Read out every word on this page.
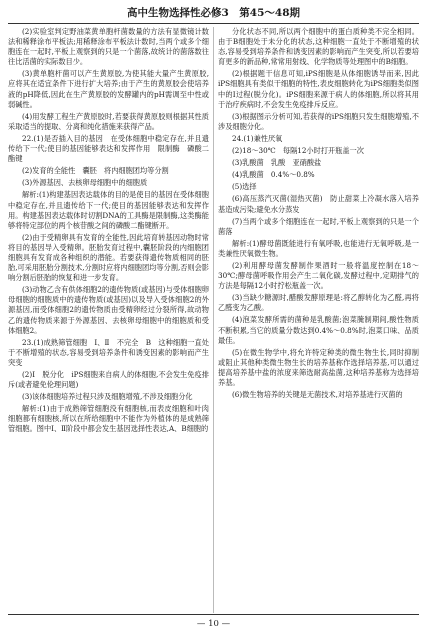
高中生物选择性必修3　第45～48期

(2)实验室判定野油菜黄单胞杆菌数量的方法有显微镜计数法和稀释涂布平板法;用稀释涂布平板法计数时,当两个或多个细胞连在一起时,平板上观察到的只是一个菌落,故统计的菌落数往往比活菌的实际数目少。

(3)黄单胞杆菌可以产生黄原胶,为使其能大量产生黄原胶,应将其在适宜条件下进行扩大培养;由于产生的黄原胶会使培养液的pH降低,因此在生产黄原胶的发酵罐内的pH需调至中性或弱碱性。

(4)用发酵工程生产黄原胶时,若要获得黄原胶则根据其性质采取适当的提取、分离和纯化措施来获得产品。

22.(1)是否插入目的基因　在受体细胞中稳定存在,并且遗传给下一代;使目的基因能够表达和发挥作用　限制酶　磷酸二酯键

(2)发育的全能性　囊胚　将内细胞团均等分割

(3)外源基因、去核卵母细胞中的细胞质

解析:(1)构建基因表达载体的目的是使目的基因在受体细胞中稳定存在,并且遗传给下一代;使目的基因能够表达和发挥作用。构建基因表达载体时切割DNA的工具酶是限制酶,这类酶能够将特定部位的两个核苷酸之间的磷酸二酯键断开。

(2)由于受精卵具有发育的全能性,因此培育转基因动物时常将目的基因导入受精卵。胚胎发育过程中,囊胚阶段的内细胞团细胞具有发育成各种组织的潜能。若要获得遗传物质相同的胚胎,可采用胚胎分割技术,分割时应将内细胞团均等分割,否则会影响分割后胚胎的恢复和进一步发育。

(3)动物乙含有供体细胞2的遗传物质(或基因)与受体细胞卵母细胞的细胞质中的遗传物质(或基因)以及导入受体细胞2的外源基因,而受体细胞2的遗传物质由受精卵经过分裂所得,故动物乙的遗传物质来源于外源基因、去核卵母细胞中的细胞质和受体细胞2。

23.(1)成熟筛管细胞　Ⅰ、Ⅱ　不完全　B　这种细胞一直处于不断增殖的状态,容易受到培养条件和诱变因素的影响而产生突变

(2)Ⅰ　脱分化　iPS细胞来自病人的体细胞,不会发生免疫排斥(或者避免伦理问题)

(3)该体细胞培养过程只涉及细胞增殖,不涉及细胞分化

解析:(1)由于成熟筛管细胞没有细胞核,而表皮细胞和叶肉细胞都有细胞核,所以在所给细胞中不能作为外植体的是成熟筛管细胞。图中Ⅰ、Ⅱ阶段中都会发生基因选择性表达,A、B细胞的

分化状态不同,所以两个细胞中的蛋白质种类不完全相同。由于B细胞处于未分化的状态,这种细胞一直处于不断增殖的状态,容易受到培养条件和诱变因素的影响而产生突变,所以若要培育更多的新品种,常常用射线、化学物质等处理图中的B细胞。

(2)根据题干信息可知,iPS细胞是从体细胞诱导而来,因此iPS细胞具有类似干细胞的特性,表皮细胞转化为iPS细胞类似图中的Ⅰ过程(脱分化)。iPS细胞来源于病人的体细胞,所以将其用于治疗疾病时,不会发生免疫排斥反应。

(3)根据图示分析可知,若获得的iPS细胞只发生细胞增殖,不涉及细胞分化。

24.(1)兼性厌氧

(2)18～30℃　每隔12小时打开瓶盖一次

(3)乳酸菌　乳酸　亚硝酸盐

(4)乳酸菌　0.4%～0.8%

(5)选择

(6)高压蒸汽灭菌(湿热灭菌)　防止甜菜上冷凝水落入培养基造成污染;避免水分蒸发

(7)当两个或多个细胞连在一起时,平板上观察到的只是一个菌落

解析:(1)酵母菌既能进行有氧呼吸,也能进行无氧呼吸,是一类兼性厌氧微生物。

(2)利用酵母菌发酵制作果酒时一般将温度控制在18～30℃;酵母菌呼吸作用会产生二氧化碳,发酵过程中,定期排气的方法是每隔12小时拧松瓶盖一次。

(3)当缺少糖源时,醋酸发酵原理是:将乙醇转化为乙醛,再将乙醛变为乙酸。

(4)泡菜发酵所需的菌种是乳酸菌;泡菜腌制期间,酸性物质不断积累,当它的质量分数达到0.4%～0.8%时,泡菜口味、品质最佳。

(5)在微生物学中,将允许特定种类的微生物生长,同时抑制或阻止其他种类微生物生长的培养基称作选择培养基,可以通过提高培养基中盐的浓度来筛选耐高盐菌,这种培养基称为选择培养基。

(6)微生物培养的关键是无菌技术,对培养基进行灭菌的

— 10 —
